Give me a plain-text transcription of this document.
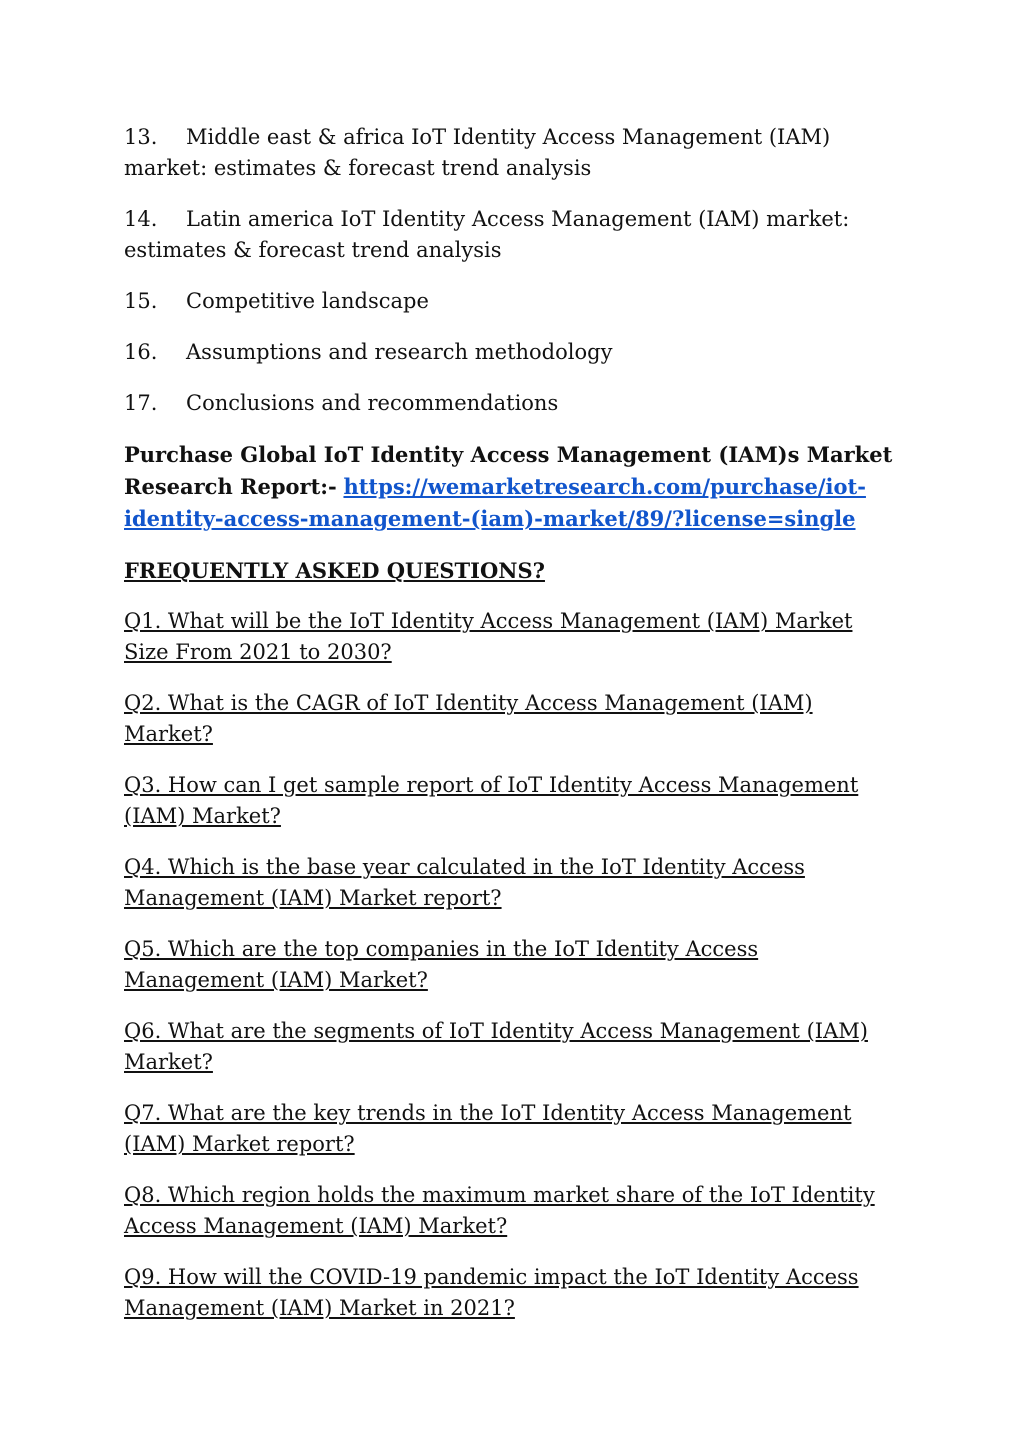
13. Middle east & africa IoT Identity Access Management (IAM) market: estimates & forecast trend analysis

14. Latin america IoT Identity Access Management (IAM) market: estimates & forecast trend analysis

15. Competitive landscape

16. Assumptions and research methodology

17. Conclusions and recommendations

Purchase Global IoT Identity Access Management (IAM)s Market Research Report:- https://wemarketresearch.com/purchase/iot-identity-access-management-(iam)-market/89/?license=single

FREQUENTLY ASKED QUESTIONS?

Q1. What will be the IoT Identity Access Management (IAM) Market Size From 2021 to 2030?

Q2. What is the CAGR of IoT Identity Access Management (IAM) Market?

Q3. How can I get sample report of IoT Identity Access Management (IAM) Market?

Q4. Which is the base year calculated in the IoT Identity Access Management (IAM) Market report?

Q5. Which are the top companies in the IoT Identity Access Management (IAM) Market?

Q6. What are the segments of IoT Identity Access Management (IAM) Market?

Q7. What are the key trends in the IoT Identity Access Management (IAM) Market report?

Q8. Which region holds the maximum market share of the IoT Identity Access Management (IAM) Market?

Q9. How will the COVID-19 pandemic impact the IoT Identity Access Management (IAM) Market in 2021?
